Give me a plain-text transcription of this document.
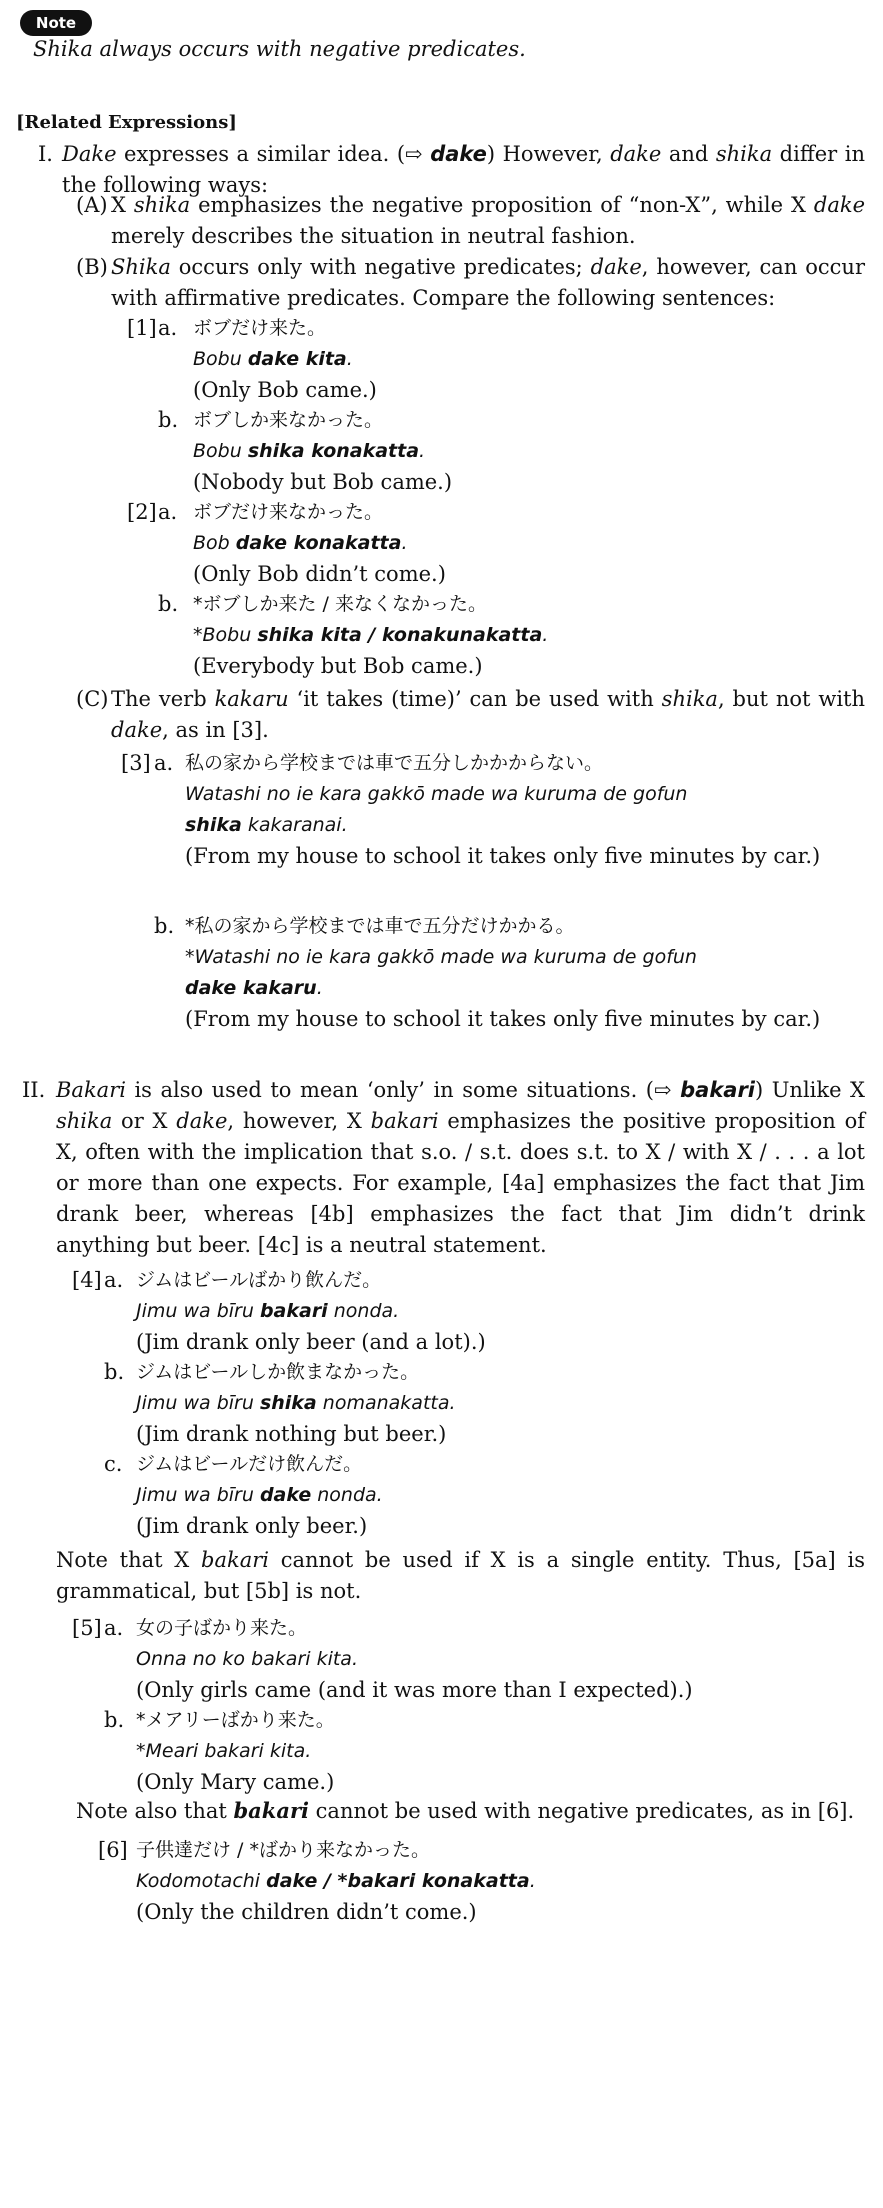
Note

Shika always occurs with negative predicates.

[Related Expressions]
I. Dake expresses a similar idea. (⇨ dake) However, dake and shika differ in the following ways:

(A) X shika emphasizes the negative proposition of “non-X”, while X dake merely describes the situation in neutral fashion.

(B) Shika occurs only with negative predicates; dake, however, can occur with affirmative predicates. Compare the following sentences:

[1] a. ボブだけ来た。
Bobu dake kita.
(Only Bob came.)
b. ボブしか来なかった。
Bobu shika konakatta.
(Nobody but Bob came.)
[2] a. ボブだけ来なかった。
Bob dake konakatta.
(Only Bob didn’t come.)
b. *ボブしか来た / 来なくなかった。
*Bobu shika kita / konakunakatta.
(Everybody but Bob came.)
(C) The verb kakaru ‘it takes (time)’ can be used with shika, but not with dake, as in [3].

[3] a. 私の家から学校までは車で五分しかかからない。
Watashi no ie kara gakkō made wa kuruma de gofun
shika kakaranai.
(From my house to school it takes only five minutes by car.)
b. *私の家から学校までは車で五分だけかかる。
*Watashi no ie kara gakkō made wa kuruma de gofun
dake kakaru.
(From my house to school it takes only five minutes by car.)
II. Bakari is also used to mean ‘only’ in some situations. (⇨ bakari) Unlike X shika or X dake, however, X bakari emphasizes the positive proposition of X, often with the implication that s.o. / s.t. does s.t. to X / with X / . . . a lot or more than one expects. For example, [4a] emphasizes the fact that Jim drank beer, whereas [4b] emphasizes the fact that Jim didn’t drink anything but beer. [4c] is a neutral statement.

[4] a. ジムはビールばかり飲んだ。
Jimu wa bīru bakari nonda.
(Jim drank only beer (and a lot).)
b. ジムはビールしか飲まなかった。
Jimu wa bīru shika nomanakatta.
(Jim drank nothing but beer.)
c. ジムはビールだけ飲んだ。
Jimu wa bīru dake nonda.
(Jim drank only beer.)

Note that X bakari cannot be used if X is a single entity. Thus, [5a] is grammatical, but [5b] is not.

[5] a. 女の子ばかり来た。
Onna no ko bakari kita.
(Only girls came (and it was more than I expected).)
b. *メアリーばかり来た。
*Meari bakari kita.
(Only Mary came.)

Note also that bakari cannot be used with negative predicates, as in [6].

[6] 子供達だけ / *ばかり来なかった。
Kodomotachi dake / *bakari konakatta.
(Only the children didn’t come.)
